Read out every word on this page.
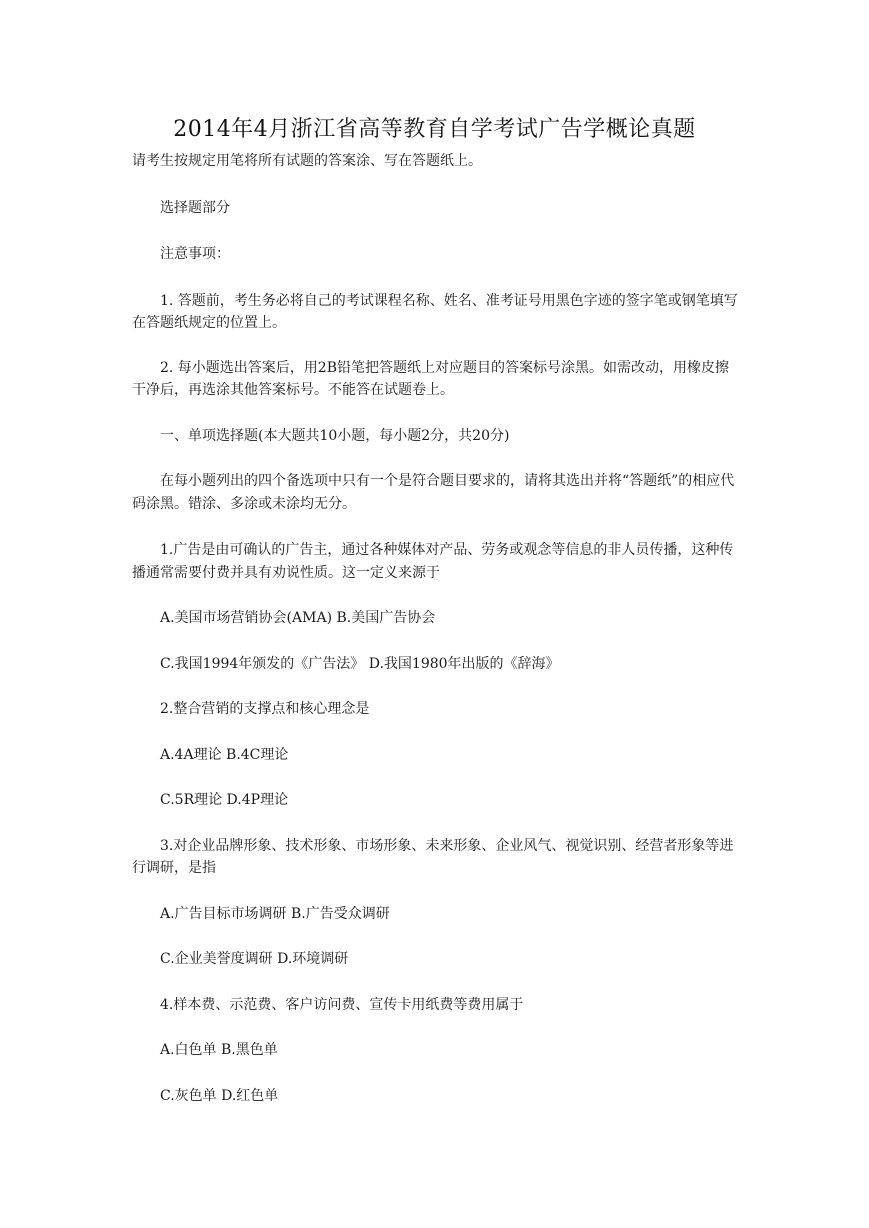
2014年4月浙江省高等教育自学考试广告学概论真题

请考生按规定用笔将所有试题的答案涂、写在答题纸上。

选择题部分

注意事项：

1. 答题前，考生务必将自己的考试课程名称、姓名、准考证号用黑色字迹的签字笔或钢笔填写在答题纸规定的位置上。

2. 每小题选出答案后，用2B铅笔把答题纸上对应题目的答案标号涂黑。如需改动，用橡皮擦干净后，再选涂其他答案标号。不能答在试题卷上。

一、单项选择题(本大题共10小题，每小题2分，共20分)

在每小题列出的四个备选项中只有一个是符合题目要求的，请将其选出并将“答题纸”的相应代码涂黑。错涂、多涂或未涂均无分。

1.广告是由可确认的广告主，通过各种媒体对产品、劳务或观念等信息的非人员传播，这种传播通常需要付费并具有劝说性质。这一定义来源于

A.美国市场营销协会(AMA) B.美国广告协会

C.我国1994年颁发的《广告法》 D.我国1980年出版的《辞海》

2.整合营销的支撑点和核心理念是

A.4A理论 B.4C理论

C.5R理论 D.4P理论

3.对企业品牌形象、技术形象、市场形象、未来形象、企业风气、视觉识别、经营者形象等进行调研，是指

A.广告目标市场调研 B.广告受众调研

C.企业美誉度调研 D.环境调研

4.样本费、示范费、客户访问费、宣传卡用纸费等费用属于

A.白色单 B.黑色单

C.灰色单 D.红色单
